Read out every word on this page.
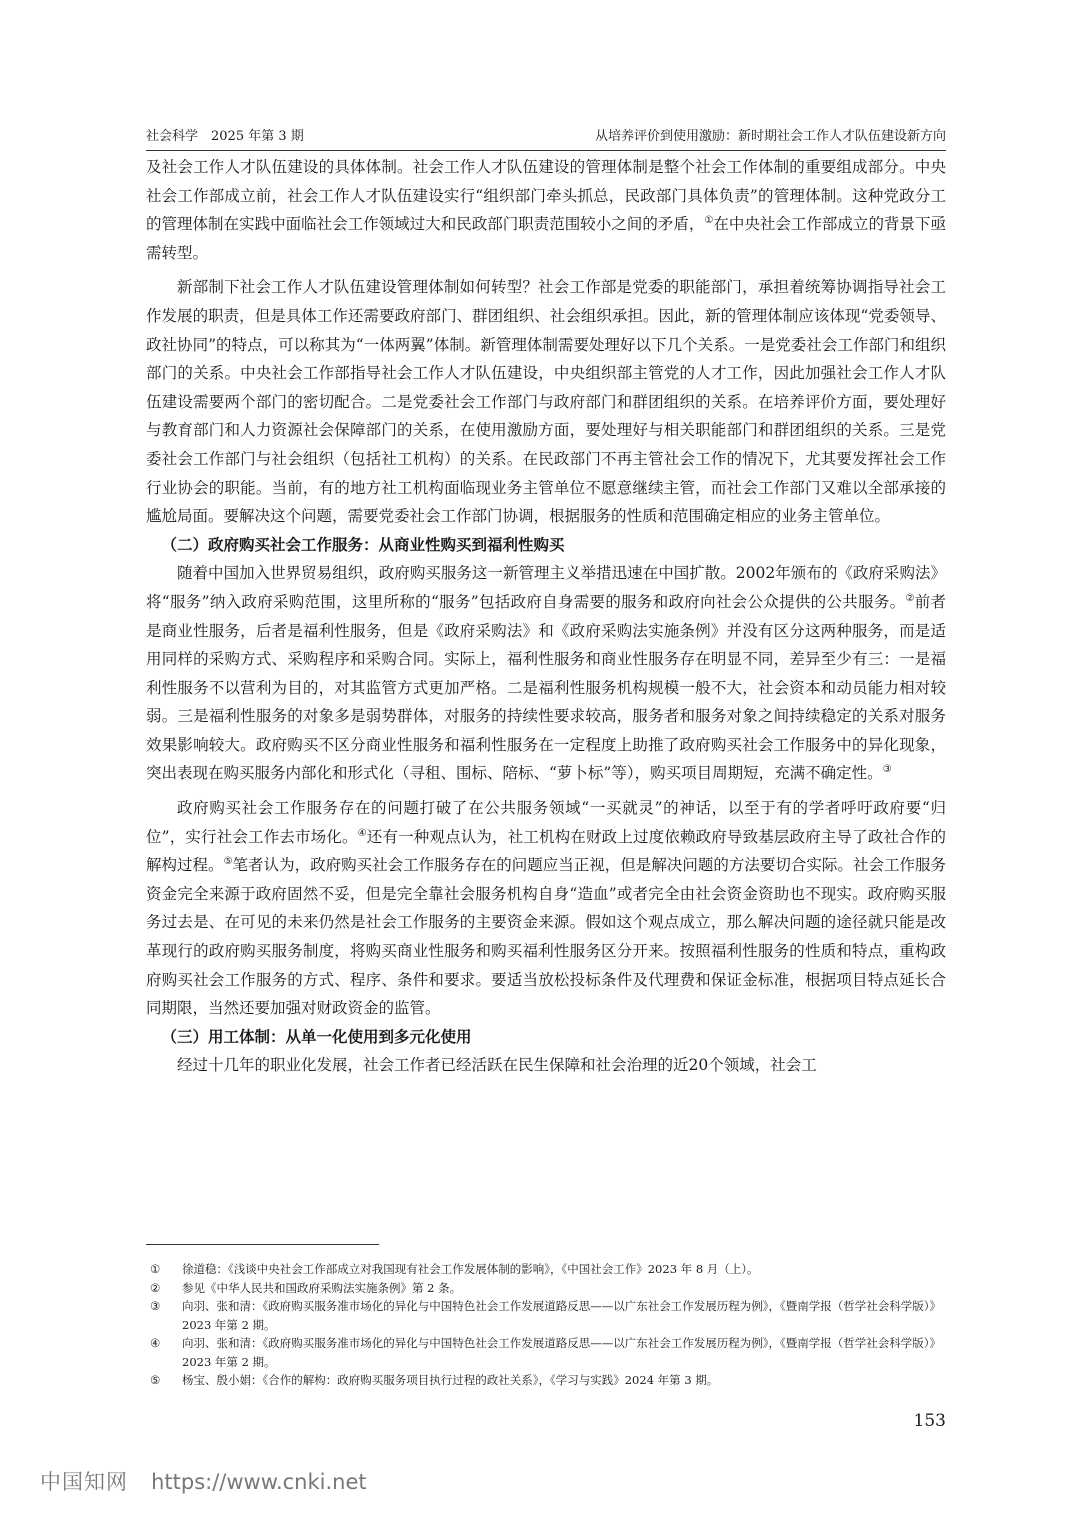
社会科学　2025 年第 3 期	从培养评价到使用激励：新时期社会工作人才队伍建设新方向

及社会工作人才队伍建设的具体体制。社会工作人才队伍建设的管理体制是整个社会工作体制的重要组成部分。中央社会工作部成立前，社会工作人才队伍建设实行“组织部门牵头抓总，民政部门具体负责”的管理体制。这种党政分工的管理体制在实践中面临社会工作领域过大和民政部门职责范围较小之间的矛盾，①在中央社会工作部成立的背景下亟需转型。

新部制下社会工作人才队伍建设管理体制如何转型？社会工作部是党委的职能部门，承担着统筹协调指导社会工作发展的职责，但是具体工作还需要政府部门、群团组织、社会组织承担。因此，新的管理体制应该体现“党委领导、政社协同”的特点，可以称其为“一体两翼”体制。新管理体制需要处理好以下几个关系。一是党委社会工作部门和组织部门的关系。中央社会工作部指导社会工作人才队伍建设，中央组织部主管党的人才工作，因此加强社会工作人才队伍建设需要两个部门的密切配合。二是党委社会工作部门与政府部门和群团组织的关系。在培养评价方面，要处理好与教育部门和人力资源社会保障部门的关系，在使用激励方面，要处理好与相关职能部门和群团组织的关系。三是党委社会工作部门与社会组织（包括社工机构）的关系。在民政部门不再主管社会工作的情况下，尤其要发挥社会工作行业协会的职能。当前，有的地方社工机构面临现业务主管单位不愿意继续主管，而社会工作部门又难以全部承接的尴尬局面。要解决这个问题，需要党委社会工作部门协调，根据服务的性质和范围确定相应的业务主管单位。

（二）政府购买社会工作服务：从商业性购买到福利性购买

随着中国加入世界贸易组织，政府购买服务这一新管理主义举措迅速在中国扩散。2002年颁布的《政府采购法》将“服务”纳入政府采购范围，这里所称的“服务”包括政府自身需要的服务和政府向社会公众提供的公共服务。②前者是商业性服务，后者是福利性服务，但是《政府采购法》和《政府采购法实施条例》并没有区分这两种服务，而是适用同样的采购方式、采购程序和采购合同。实际上，福利性服务和商业性服务存在明显不同，差异至少有三：一是福利性服务不以营利为目的，对其监管方式更加严格。二是福利性服务机构规模一般不大，社会资本和动员能力相对较弱。三是福利性服务的对象多是弱势群体，对服务的持续性要求较高，服务者和服务对象之间持续稳定的关系对服务效果影响较大。政府购买不区分商业性服务和福利性服务在一定程度上助推了政府购买社会工作服务中的异化现象，突出表现在购买服务内部化和形式化（寻租、围标、陪标、“萝卜标”等），购买项目周期短，充满不确定性。③

政府购买社会工作服务存在的问题打破了在公共服务领域“一买就灵”的神话，以至于有的学者呼吁政府要“归位”，实行社会工作去市场化。④还有一种观点认为，社工机构在财政上过度依赖政府导致基层政府主导了政社合作的解构过程。⑤笔者认为，政府购买社会工作服务存在的问题应当正视，但是解决问题的方法要切合实际。社会工作服务资金完全来源于政府固然不妥，但是完全靠社会服务机构自身“造血”或者完全由社会资金资助也不现实。政府购买服务过去是、在可见的未来仍然是社会工作服务的主要资金来源。假如这个观点成立，那么解决问题的途径就只能是改革现行的政府购买服务制度，将购买商业性服务和购买福利性服务区分开来。按照福利性服务的性质和特点，重构政府购买社会工作服务的方式、程序、条件和要求。要适当放松投标条件及代理费和保证金标准，根据项目特点延长合同期限，当然还要加强对财政资金的监管。

（三）用工体制：从单一化使用到多元化使用

经过十几年的职业化发展，社会工作者已经活跃在民生保障和社会治理的近20个领域，社会工

① 徐道稳：《浅谈中央社会工作部成立对我国现有社会工作发展体制的影响》，《中国社会工作》2023 年 8 月（上）。
② 参见《中华人民共和国政府采购法实施条例》第 2 条。
③ 向羽、张和清：《政府购买服务准市场化的异化与中国特色社会工作发展道路反思——以广东社会工作发展历程为例》，《暨南学报（哲学社会科学版）》2023 年第 2 期。
④ 向羽、张和清：《政府购买服务准市场化的异化与中国特色社会工作发展道路反思——以广东社会工作发展历程为例》，《暨南学报（哲学社会科学版）》2023 年第 2 期。
⑤ 杨宝、殷小娟：《合作的解构：政府购买服务项目执行过程的政社关系》，《学习与实践》2024 年第 3 期。
153
中国知网 https://www.cnki.net
